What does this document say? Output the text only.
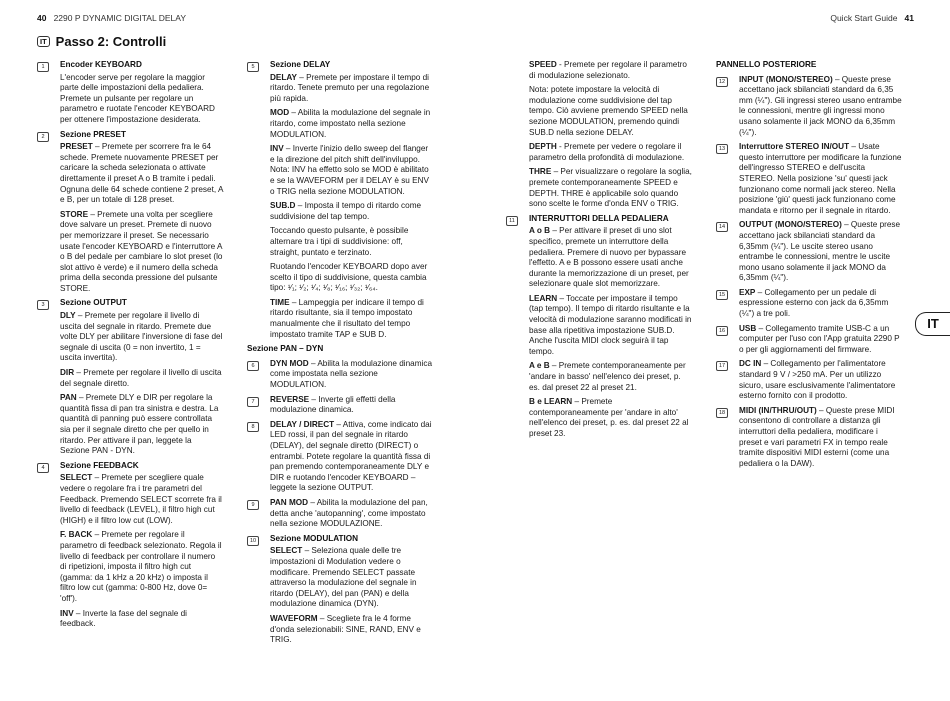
40 2290 P DYNAMIC DIGITAL DELAY	Quick Start Guide 41
IT Passo 2: Controlli
1	Encoder KEYBOARD
L'encoder serve per regolare la maggior parte delle impostazioni della pedaliera. Premete un pulsante per regolare un parametro e ruotate l'encoder KEYBOARD per ottenere l'impostazione desiderata.
2	Sezione PRESET
PRESET – Premete per scorrere fra le 64 schede. Premete nuovamente PRESET per caricare la scheda selezionata o attivate direttamente il preset A o B tramite i pedali. Ognuna delle 64 schede contiene 2 preset, A e B, per un totale di 128 preset.
STORE – Premete una volta per scegliere dove salvare un preset. Premete di nuovo per memorizzare il preset. Se necessario usate l'encoder KEYBOARD e l'interruttore A o B del pedale per cambiare lo slot preset (lo slot attivo è verde) e il numero della scheda prima della seconda pressione del pulsante STORE.
3	Sezione OUTPUT
DLY – Premete per regolare il livello di uscita del segnale in ritardo. Premete due volte DLY per abilitare l'inversione di fase del segnale di uscita (0 = non invertito, 1 = uscita invertita).
DIR – Premete per regolare il livello di uscita del segnale diretto.
PAN – Premete DLY e DIR per regolare la quantità fissa di pan tra sinistra e destra. La quantità di panning può essere controllata sia per il segnale diretto che per quello in ritardo. Per attivare il pan, leggete la Sezione PAN - DYN.
4	Sezione FEEDBACK
SELECT – Premete per scegliere quale vedere o regolare fra i tre parametri del Feedback. Premendo SELECT scorrete fra il livello di feedback (LEVEL), il filtro high cut (HIGH) e il filtro low cut (LOW).
F. BACK – Premete per regolare il parametro di feedback selezionato. Regola il livello di feedback per controllare il numero di ripetizioni, imposta il filtro high cut (gamma: da 1 kHz a 20 kHz) o imposta il filtro low cut (gamma: 0-800 Hz, dove 0= 'off').
INV – Inverte la fase del segnale di feedback.
5	Sezione DELAY
DELAY – Premete per impostare il tempo di ritardo. Tenete premuto per una regolazione più rapida.
MOD – Abilita la modulazione del segnale in ritardo, come impostato nella sezione MODULATION.
INV – Inverte l'inizio dello sweep del flanger e la direzione del pitch shift dell'inviluppo. Nota: INV ha effetto solo se MOD è abilitato e se la WAVEFORM per il DELAY è su ENV o TRIG nella sezione MODULATION.
SUB.D – Imposta il tempo di ritardo come suddivisione del tap tempo.
Toccando questo pulsante, è possibile alternare tra i tipi di suddivisione: off, straight, puntato e terzinato.
Ruotando l'encoder KEYBOARD dopo aver scelto il tipo di suddivisione, questa cambia tipo: ¹⁄₁; ¹⁄₂; ¹⁄₄; ¹⁄₈; ¹⁄₁₆; ¹⁄₃₂; ¹⁄₆₄.
TIME – Lampeggia per indicare il tempo di ritardo risultante, sia il tempo impostato manualmente che il risultato del tempo impostato tramite TAP e SUB D.
Sezione PAN – DYN
6	DYN MOD – Abilita la modulazione dinamica come impostata nella sezione MODULATION.
7	REVERSE – Inverte gli effetti della modulazione dinamica.
8	DELAY / DIRECT – Attiva, come indicato dai LED rossi, il pan del segnale in ritardo (DELAY), del segnale diretto (DIRECT) o entrambi. Potete regolare la quantità fissa di pan premendo contemporaneamente DLY e DIR e ruotando l'encoder KEYBOARD – leggete la sezione OUTPUT.
9	PAN MOD – Abilita la modulazione del pan, detta anche 'autopanning', come impostato nella sezione MODULAZIONE.
10	Sezione MODULATION
SELECT – Seleziona quale delle tre impostazioni di Modulation vedere o modificare. Premendo SELECT passate attraverso la modulazione del segnale in ritardo (DELAY), del pan (PAN) e della modulazione dinamica (DYN).
WAVEFORM – Scegliete fra le 4 forme d'onda selezionabili: SINE, RAND, ENV e TRIG.
SPEED - Premete per regolare il parametro di modulazione selezionato.
Nota: potete impostare la velocità di modulazione come suddivisione del tap tempo. Ciò avviene premendo SPEED nella sezione MODULATION, premendo quindi SUB.D nella sezione DELAY.
DEPTH - Premete per vedere o regolare il parametro della profondità di modulazione.
THRE – Per visualizzare o regolare la soglia, premete contemporaneamente SPEED e DEPTH. THRE è applicabile solo quando sono scelte le forme d'onda ENV o TRIG.
11	INTERRUTTORI DELLA PEDALIERA
A o B – Per attivare il preset di uno slot specifico, premete un interruttore della pedaliera. Premere di nuovo per bypassare l'effetto. A e B possono essere usati anche durante la memorizzazione di un preset, per selezionare quale slot memorizzare.
LEARN – Toccate per impostare il tempo (tap tempo). Il tempo di ritardo risultante e la velocità di modulazione saranno modificati in base alla ripetitiva impostazione SUB.D. Anche l'uscita MIDI clock seguirà il tap tempo.
A e B – Premete contemporaneamente per 'andare in basso' nell'elenco dei preset, p. es. dal preset 22 al preset 21.
B e LEARN – Premete contemporaneamente per 'andare in alto' nell'elenco dei preset, p. es. dal preset 22 al preset 23.
PANNELLO POSTERIORE
12	INPUT (MONO/STEREO) – Queste prese accettano jack sbilanciati standard da 6,35 mm (¼"). Gli ingressi stereo usano entrambe le connessioni, mentre gli ingressi mono usano solamente il jack MONO da 6,35mm (¼").
13	Interruttore STEREO IN/OUT – Usate questo interruttore per modificare la funzione dell'ingresso STEREO e dell'uscita STEREO. Nella posizione 'su' questi jack funzionano come normali jack stereo. Nella posizione 'giù' questi jack funzionano come mandata e ritorno per il segnale in ritardo.
14	OUTPUT (MONO/STEREO) – Queste prese accettano jack sbilanciati standard da 6,35mm (¼"). Le uscite stereo usano entrambe le connessioni, mentre le uscite mono usano solamente il jack MONO da 6,35mm (¼").
15	EXP – Collegamento per un pedale di espressione esterno con jack da 6,35mm (¼") a tre poli.
16	USB – Collegamento tramite USB-C a un computer per l'uso con l'App gratuita 2290 P o per gli aggiornamenti del firmware.
17	DC IN – Collegamento per l'alimentatore standard 9 V / >250 mA. Per un utilizzo sicuro, usare esclusivamente l'alimentatore esterno fornito con il prodotto.
18	MIDI (IN/THRU/OUT) – Queste prese MIDI consentono di controllare a distanza gli interruttori della pedaliera, modificare i preset e vari parametri FX in tempo reale tramite dispositivi MIDI esterni (come una pedaliera o la DAW).
IT
